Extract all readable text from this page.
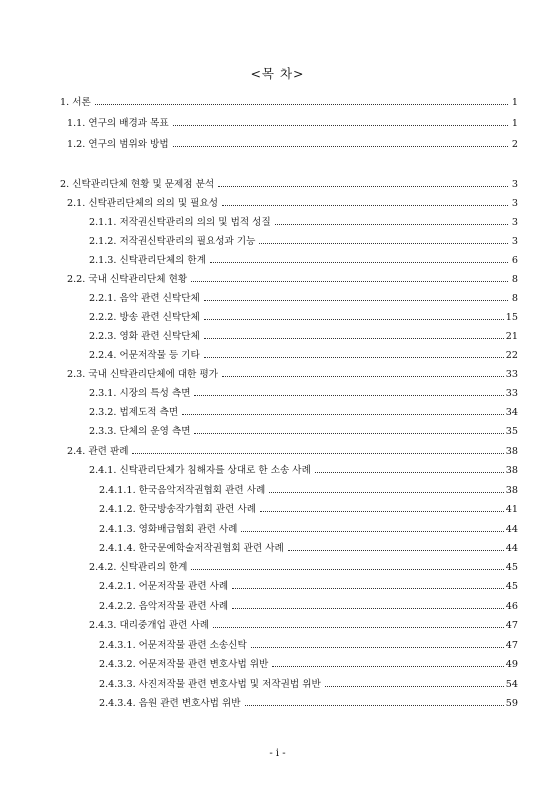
<목 차>
1. 서론	1
1.1. 연구의 배경과 목표	1
1.2. 연구의 범위와 방법	2
2. 신탁관리단체 현황 및 문제점 분석	3
2.1. 신탁관리단체의 의의 및 필요성	3
2.1.1. 저작권신탁관리의 의의 및 법적 성질	3
2.1.2. 저작권신탁관리의 필요성과 기능	3
2.1.3. 신탁관리단체의 한계	6
2.2. 국내 신탁관리단체 현황	8
2.2.1. 음악 관련 신탁단체	8
2.2.2. 방송 관련 신탁단체	15
2.2.3. 영화 관련 신탁단체	21
2.2.4. 어문저작물 등 기타	22
2.3. 국내 신탁관리단체에 대한 평가	33
2.3.1. 시장의 특성 측면	33
2.3.2. 법제도적 측면	34
2.3.3. 단체의 운영 측면	35
2.4. 관련 판례	38
2.4.1. 신탁관리단체가 침해자를 상대로 한 소송 사례	38
2.4.1.1. 한국음악저작권협회 관련 사례	38
2.4.1.2. 한국방송작가협회 관련 사례	41
2.4.1.3. 영화배급협회 관련 사례	44
2.4.1.4. 한국문예학술저작권협회 관련 사례	44
2.4.2. 신탁관리의 한계	45
2.4.2.1. 어문저작물 관련 사례	45
2.4.2.2. 음악저작물 관련 사례	46
2.4.3. 대리중개업 관련 사례	47
2.4.3.1. 어문저작물 관련 소송신탁	47
2.4.3.2. 어문저작물 관련 변호사법 위반	49
2.4.3.3. 사진저작물 관련 변호사법 및 저작권법 위반	54
2.4.3.4. 음원 관련 변호사법 위반	59
- i -
